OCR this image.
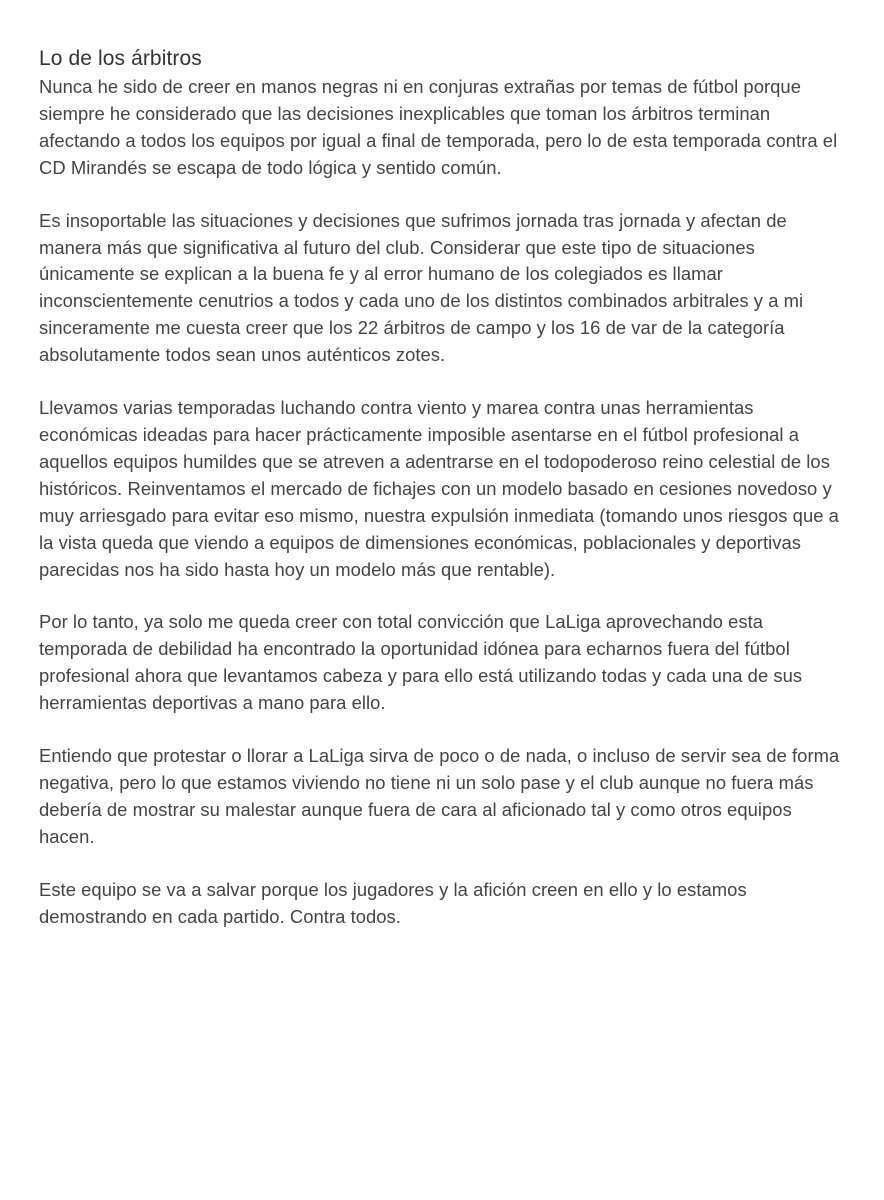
Lo de los árbitros

Nunca he sido de creer en manos negras ni en conjuras extrañas por temas de fútbol porque siempre he considerado que las decisiones inexplicables que toman los árbitros terminan afectando a todos los equipos por igual a final de temporada, pero lo de esta temporada contra el CD Mirandés se escapa de todo lógica y sentido común.

Es insoportable las situaciones y decisiones que sufrimos jornada tras jornada y afectan de manera más que significativa al futuro del club. Considerar que este tipo de situaciones únicamente se explican a la buena fe y al error humano de los colegiados es llamar inconscientemente cenutrios a todos y cada uno de los distintos combinados arbitrales y a mi sinceramente me cuesta creer que los 22 árbitros de campo y los 16 de var de la categoría absolutamente todos sean unos auténticos zotes.

Llevamos varias temporadas luchando contra viento y marea contra unas herramientas económicas ideadas para hacer prácticamente imposible asentarse en el fútbol profesional a aquellos equipos humildes que se atreven a adentrarse en el todopoderoso reino celestial de los históricos. Reinventamos el mercado de fichajes con un modelo basado en cesiones novedoso y muy arriesgado para evitar eso mismo, nuestra expulsión inmediata (tomando unos riesgos que a la vista queda que viendo a equipos de dimensiones económicas, poblacionales y deportivas parecidas nos ha sido hasta hoy un modelo más que rentable).

Por lo tanto, ya solo me queda creer con total convicción que LaLiga aprovechando esta temporada de debilidad ha encontrado la oportunidad idónea para echarnos fuera del fútbol profesional ahora que levantamos cabeza y para ello está utilizando todas y cada una de sus herramientas deportivas a mano para ello.

Entiendo que protestar o llorar a LaLiga sirva de poco o de nada, o incluso de servir sea de forma negativa, pero lo que estamos viviendo no tiene ni un solo pase y el club aunque no fuera más debería de mostrar su malestar aunque fuera de cara al aficionado tal y como otros equipos hacen.

Este equipo se va a salvar porque los jugadores y la afición creen en ello y lo estamos demostrando en cada partido. Contra todos.
